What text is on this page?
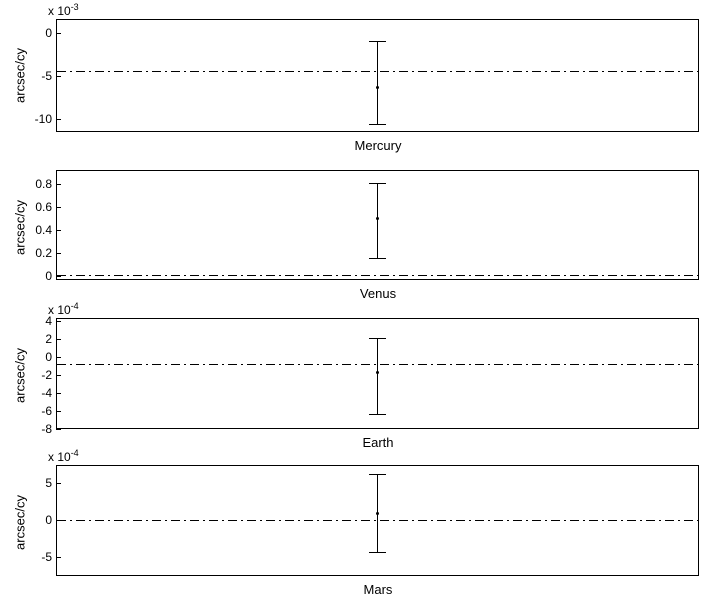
x $10^{-3}$
arcsec/cy
0
-5
-10
Mercury
arcsec/cy
0.8
0.6
0.4
0.2
0
Venus
x $10^{-4}$
arcsec/cy
4
2
0
-2
-4
-6
-8
Earth
x $10^{-4}$
arcsec/cy
5
0
-5
Mars
